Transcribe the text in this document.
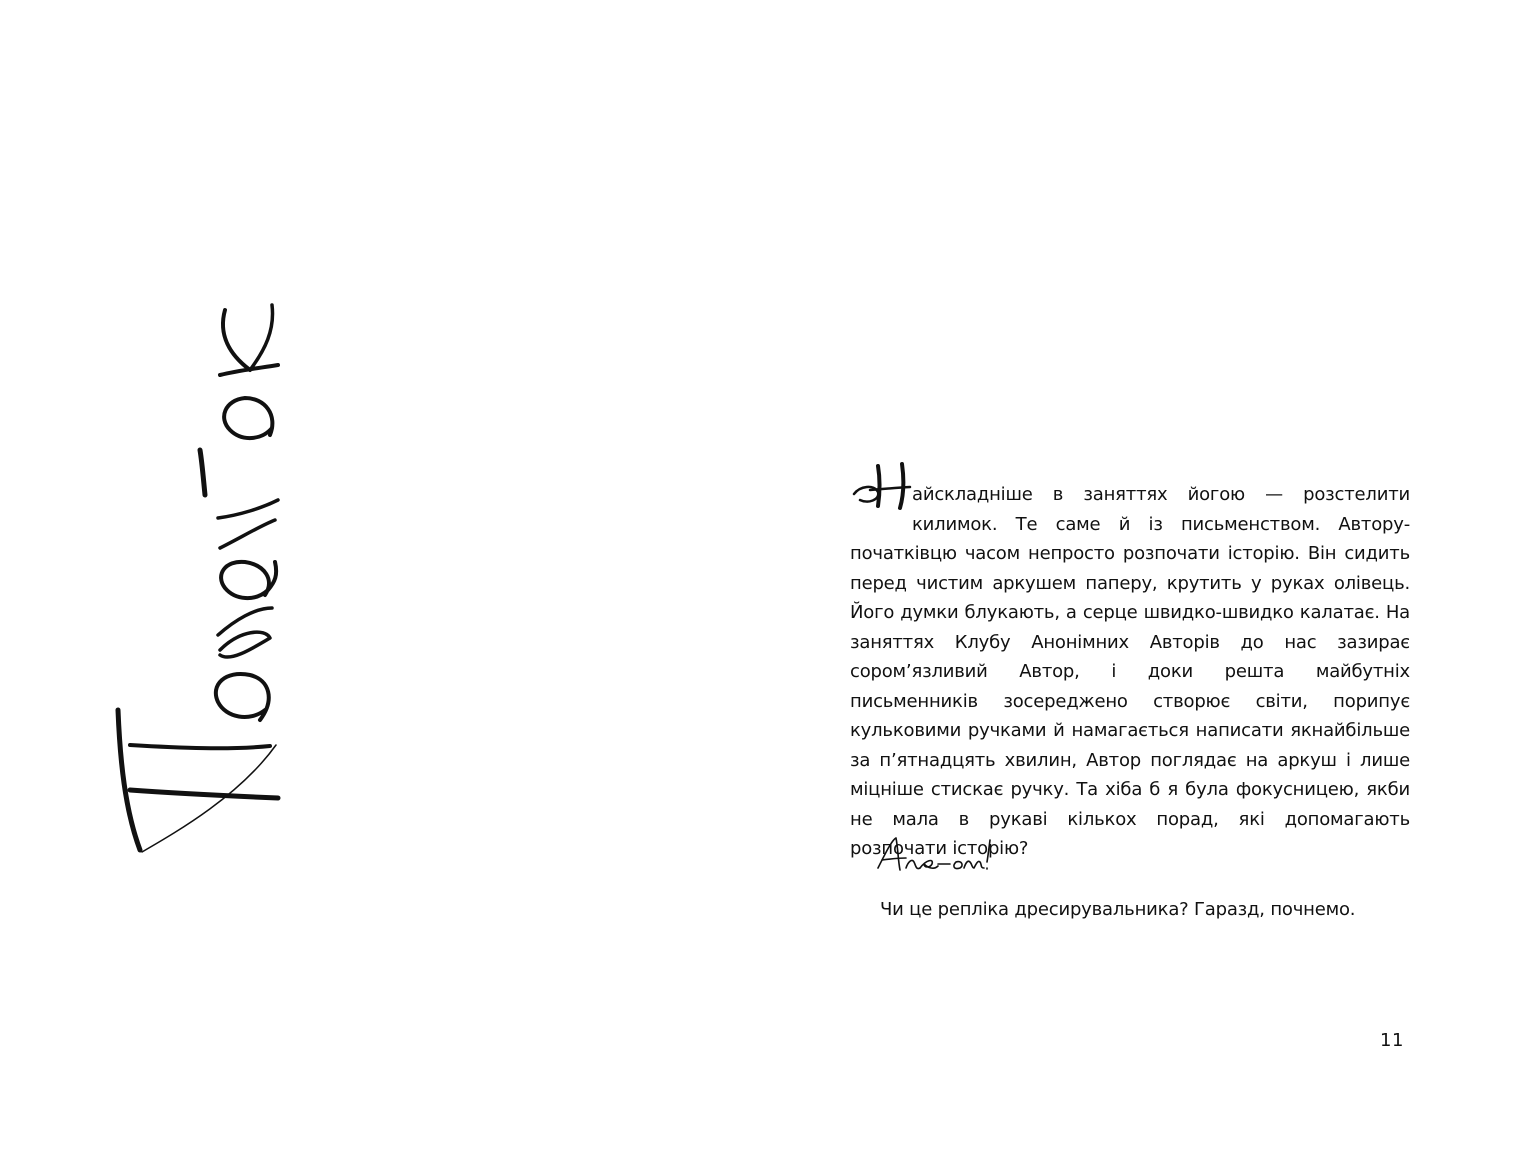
айскладніше в заняттях йогою — розстелити килимок. Те саме й із письменством. Автору-початківцю часом непросто розпочати історію. Він сидить перед чистим аркушем паперу, крутить у руках олівець. Його думки блукають, а серце швидко-швидко калатає. На заняттях Клубу Анонімних Авторів до нас зазирає сором’язливий Автор, і доки решта майбутніх письменників зосереджено створює світи, порипує кульковими ручками й намагається написати якнайбільше за п’ятнадцять хвилин, Автор поглядає на аркуш і лише міцніше стискає ручку. Та хіба б я була фокусницею, якби не мала в рукаві кількох порад, які допомагають розпочати історію?

Чи це репліка дресирувальника? Гаразд, почнемо.

11
